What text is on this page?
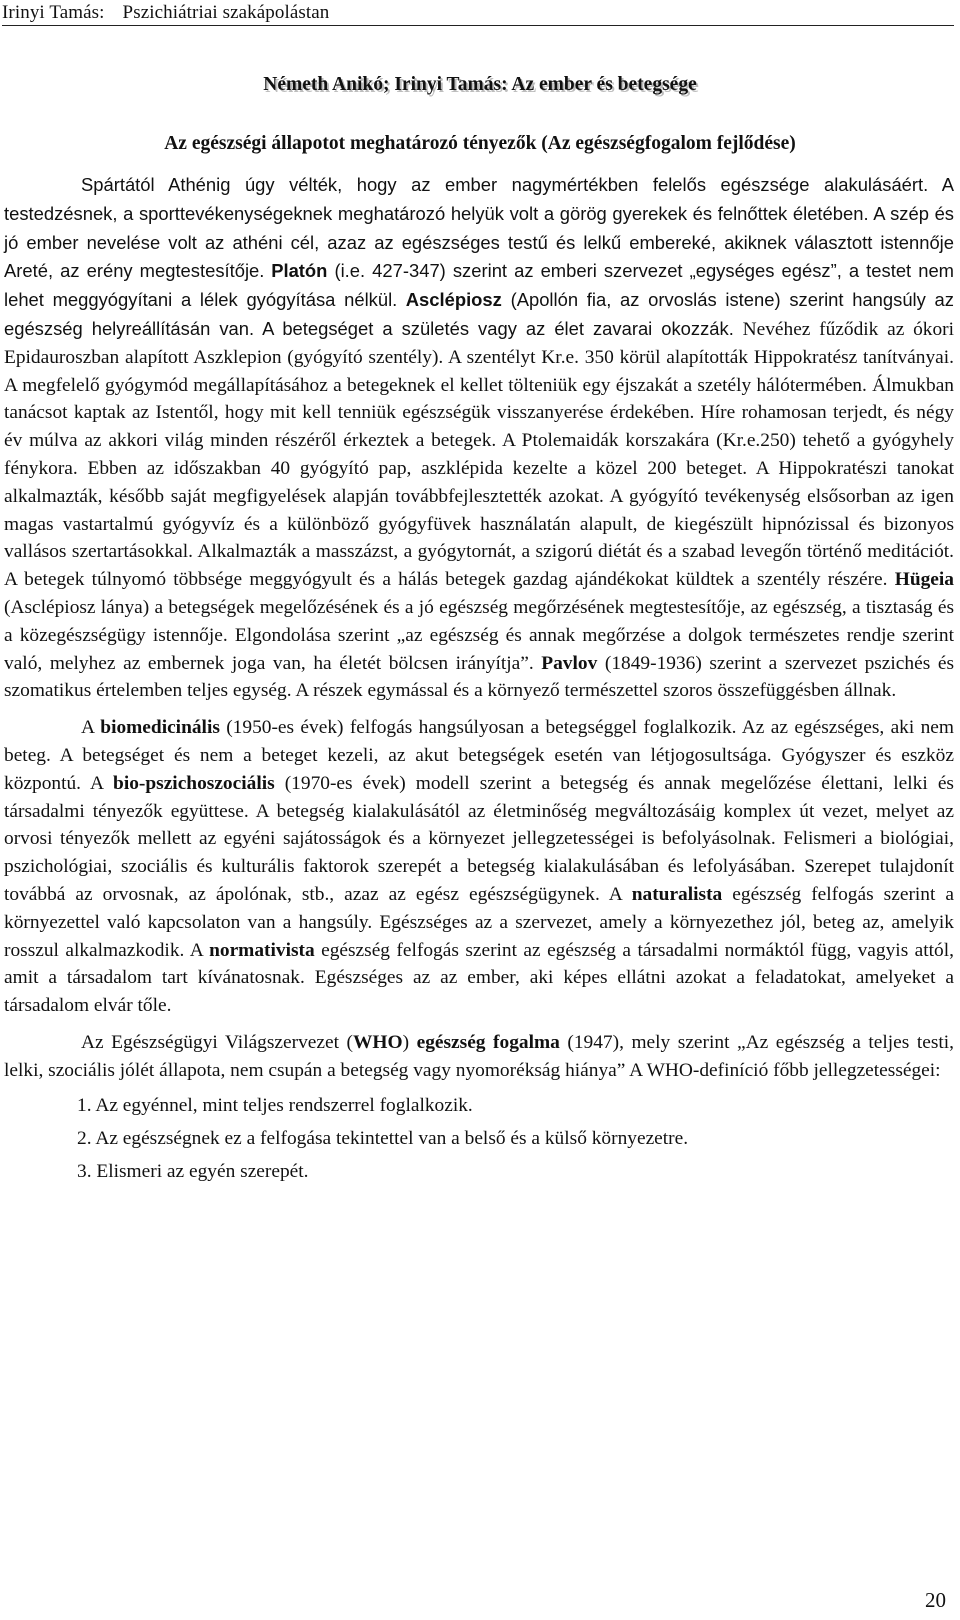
Irinyi Tamás: Pszichiátriai szakápolástan
Németh Anikó; Irinyi Tamás: Az ember és betegsége
Az egészségi állapotot meghatározó tényezők (Az egészségfogalom fejlődése)

Spártától Athénig úgy vélték, hogy az ember nagymértékben felelős egészsége alakulásáért. A testedzésnek, a sporttevékenységeknek meghatározó helyük volt a görög gyerekek és felnőttek életében. A szép és jó ember nevelése volt az athéni cél, azaz az egészséges testű és lelkű embereké, akiknek választott istennője Areté, az erény megtestesítője. Platón (i.e. 427-347) szerint az emberi szervezet „egységes egész”, a testet nem lehet meggyógyítani a lélek gyógyítása nélkül. Asclépiosz (Apollón fia, az orvoslás istene) szerint hangsúly az egészség helyreállításán van. A betegséget a születés vagy az élet zavarai okozzák. Nevéhez fűződik az ókori Epidauroszban alapított Aszklepion (gyógyító szentély). A szentélyt Kr.e. 350 körül alapították Hippokratész tanítványai. A megfelelő gyógymód megállapításához a betegeknek el kellet tölteniük egy éjszakát a szetély hálótermében. Álmukban tanácsot kaptak az Istentől, hogy mit kell tenniük egészségük visszanyerése érdekében. Híre rohamosan terjedt, és négy év múlva az akkori világ minden részéről érkeztek a betegek. A Ptolemaidák korszakára (Kr.e.250) tehető a gyógyhely fénykora. Ebben az időszakban 40 gyógyító pap, aszklépida kezelte a közel 200 beteget. A Hippokratészi tanokat alkalmazták, később saját megfigyelések alapján továbbfejlesztették azokat. A gyógyító tevékenység elsősorban az igen magas vastartalmú gyógyvíz és a különböző gyógyfüvek használatán alapult, de kiegészült hipnózissal és bizonyos vallásos szertartásokkal. Alkalmazták a masszázst, a gyógytornát, a szigorú diétát és a szabad levegőn történő meditációt. A betegek túlnyomó többsége meggyógyult és a hálás betegek gazdag ajándékokat küldtek a szentély részére. Hügeia (Asclépiosz lánya) a betegségek megelőzésének és a jó egészség megőrzésének megtestesítője, az egészség, a tisztaság és a közegészségügy istennője. Elgondolása szerint „az egészség és annak megőrzése a dolgok természetes rendje szerint való, melyhez az embernek joga van, ha életét bölcsen irányítja”. Pavlov (1849-1936) szerint a szervezet pszichés és szomatikus értelemben teljes egység. A részek egymással és a környező természettel szoros összefüggésben állnak.

A biomedicinális (1950-es évek) felfogás hangsúlyosan a betegséggel foglalkozik. Az az egészséges, aki nem beteg. A betegséget és nem a beteget kezeli, az akut betegségek esetén van létjogosultsága. Gyógyszer és eszköz központú. A bio-pszichoszociális (1970-es évek) modell szerint a betegség és annak megelőzése élettani, lelki és társadalmi tényezők együttese. A betegség kialakulásától az életminőség megváltozásáig komplex út vezet, melyet az orvosi tényezők mellett az egyéni sajátosságok és a környezet jellegzetességei is befolyásolnak. Felismeri a biológiai, pszichológiai, szociális és kulturális faktorok szerepét a betegség kialakulásában és lefolyásában. Szerepet tulajdonít továbbá az orvosnak, az ápolónak, stb., azaz az egész egészségügynek. A naturalista egészség felfogás szerint a környezettel való kapcsolaton van a hangsúly. Egészséges az a szervezet, amely a környezethez jól, beteg az, amelyik rosszul alkalmazkodik. A normativista egészség felfogás szerint az egészség a társadalmi normáktól függ, vagyis attól, amit a társadalom tart kívánatosnak. Egészséges az az ember, aki képes ellátni azokat a feladatokat, amelyeket a társadalom elvár tőle.

Az Egészségügyi Világszervezet (WHO) egészség fogalma (1947), mely szerint „Az egészség a teljes testi, lelki, szociális jólét állapota, nem csupán a betegség vagy nyomorékság hiánya” A WHO-definíció főbb jellegzetességei:

1. Az egyénnel, mint teljes rendszerrel foglalkozik.
2. Az egészségnek ez a felfogása tekintettel van a belső és a külső környezetre.
3. Elismeri az egyén szerepét.
20
